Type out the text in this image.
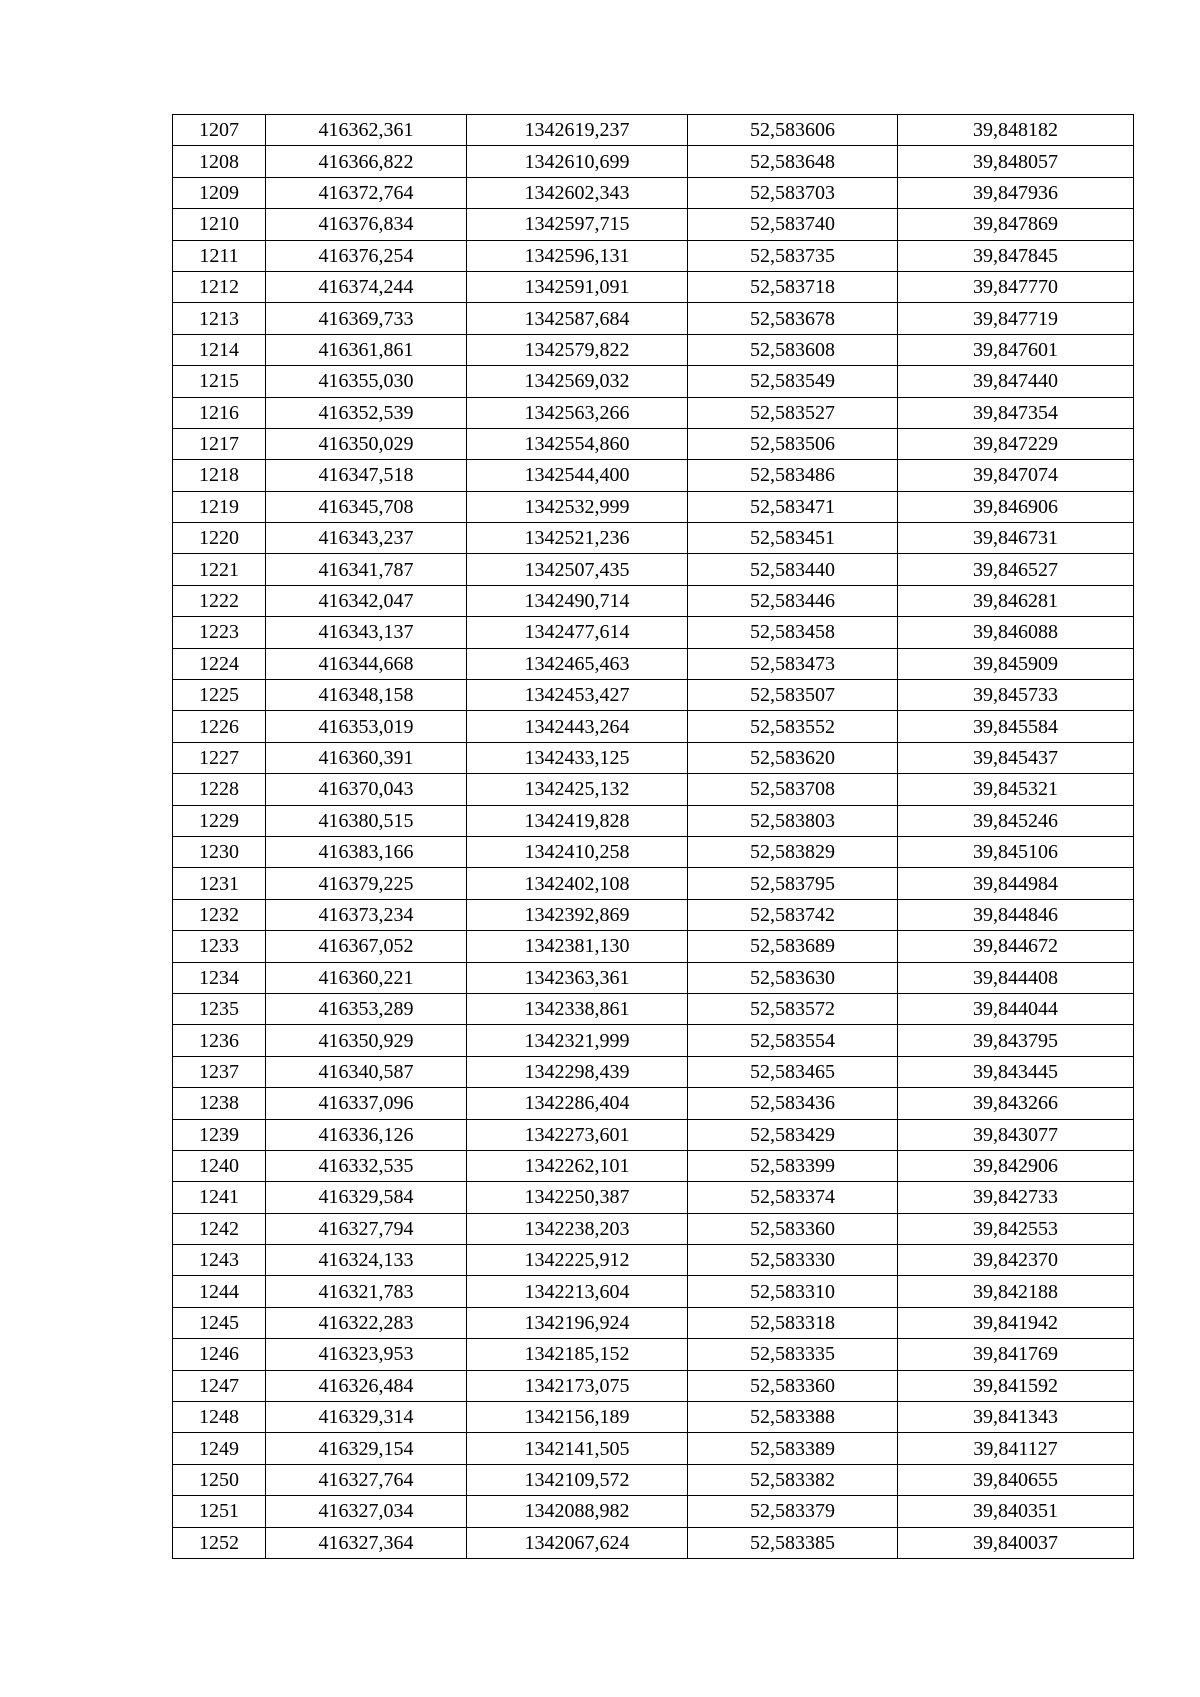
1207	416362,361	1342619,237	52,583606	39,848182
1208	416366,822	1342610,699	52,583648	39,848057
1209	416372,764	1342602,343	52,583703	39,847936
1210	416376,834	1342597,715	52,583740	39,847869
1211	416376,254	1342596,131	52,583735	39,847845
1212	416374,244	1342591,091	52,583718	39,847770
1213	416369,733	1342587,684	52,583678	39,847719
1214	416361,861	1342579,822	52,583608	39,847601
1215	416355,030	1342569,032	52,583549	39,847440
1216	416352,539	1342563,266	52,583527	39,847354
1217	416350,029	1342554,860	52,583506	39,847229
1218	416347,518	1342544,400	52,583486	39,847074
1219	416345,708	1342532,999	52,583471	39,846906
1220	416343,237	1342521,236	52,583451	39,846731
1221	416341,787	1342507,435	52,583440	39,846527
1222	416342,047	1342490,714	52,583446	39,846281
1223	416343,137	1342477,614	52,583458	39,846088
1224	416344,668	1342465,463	52,583473	39,845909
1225	416348,158	1342453,427	52,583507	39,845733
1226	416353,019	1342443,264	52,583552	39,845584
1227	416360,391	1342433,125	52,583620	39,845437
1228	416370,043	1342425,132	52,583708	39,845321
1229	416380,515	1342419,828	52,583803	39,845246
1230	416383,166	1342410,258	52,583829	39,845106
1231	416379,225	1342402,108	52,583795	39,844984
1232	416373,234	1342392,869	52,583742	39,844846
1233	416367,052	1342381,130	52,583689	39,844672
1234	416360,221	1342363,361	52,583630	39,844408
1235	416353,289	1342338,861	52,583572	39,844044
1236	416350,929	1342321,999	52,583554	39,843795
1237	416340,587	1342298,439	52,583465	39,843445
1238	416337,096	1342286,404	52,583436	39,843266
1239	416336,126	1342273,601	52,583429	39,843077
1240	416332,535	1342262,101	52,583399	39,842906
1241	416329,584	1342250,387	52,583374	39,842733
1242	416327,794	1342238,203	52,583360	39,842553
1243	416324,133	1342225,912	52,583330	39,842370
1244	416321,783	1342213,604	52,583310	39,842188
1245	416322,283	1342196,924	52,583318	39,841942
1246	416323,953	1342185,152	52,583335	39,841769
1247	416326,484	1342173,075	52,583360	39,841592
1248	416329,314	1342156,189	52,583388	39,841343
1249	416329,154	1342141,505	52,583389	39,841127
1250	416327,764	1342109,572	52,583382	39,840655
1251	416327,034	1342088,982	52,583379	39,840351
1252	416327,364	1342067,624	52,583385	39,840037
